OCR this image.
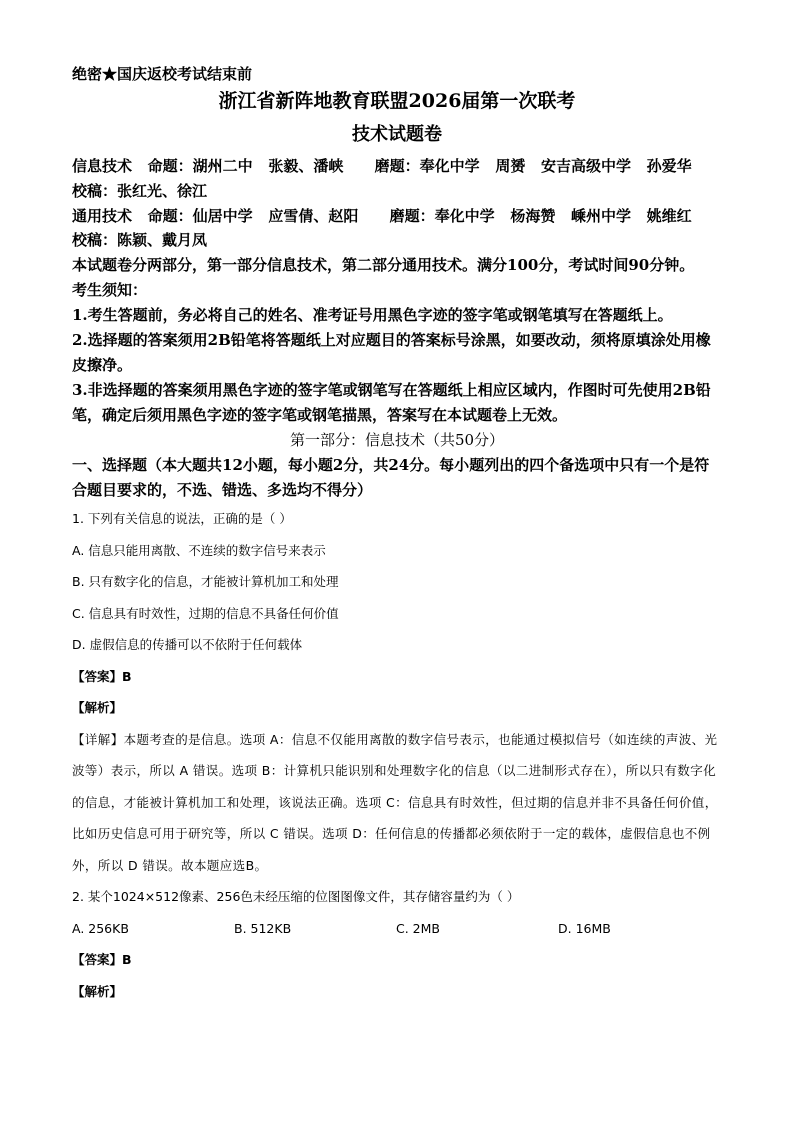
绝密★国庆返校考试结束前
浙江省新阵地教育联盟2026届第一次联考
技术试题卷
信息技术   命题：湖州二中   张毅、潘峡      磨题：奉化中学   周赟   安吉高级中学   孙爱华
校稿：张红光、徐江
通用技术   命题：仙居中学   应雪倩、赵阳      磨题：奉化中学   杨海赞   嵊州中学   姚维红
校稿：陈颖、戴月凤
本试题卷分两部分，第一部分信息技术，第二部分通用技术。满分100分，考试时间90分钟。
考生须知：
1.考生答题前，务必将自己的姓名、准考证号用黑色字迹的签字笔或钢笔填写在答题纸上。
2.选择题的答案须用2B铅笔将答题纸上对应题目的答案标号涂黑，如要改动，须将原填涂处用橡皮擦净。
3.非选择题的答案须用黑色字迹的签字笔或钢笔写在答题纸上相应区域内，作图时可先使用2B铅笔，确定后须用黑色字迹的签字笔或钢笔描黑，答案写在本试题卷上无效。
第一部分：信息技术（共50分）
一、选择题（本大题共12小题，每小题2分，共24分。每小题列出的四个备选项中只有一个是符合题目要求的，不选、错选、多选均不得分）
1. 下列有关信息的说法，正确的是（ ）
A. 信息只能用离散、不连续的数字信号来表示
B. 只有数字化的信息，才能被计算机加工和处理
C. 信息具有时效性，过期的信息不具备任何价值
D. 虚假信息的传播可以不依附于任何载体
【答案】B
【解析】
【详解】本题考查的是信息。选项 A：信息不仅能用离散的数字信号表示，也能通过模拟信号（如连续的声波、光波等）表示，所以 A 错误。选项 B：计算机只能识别和处理数字化的信息（以二进制形式存在），所以只有数字化的信息，才能被计算机加工和处理，该说法正确。选项 C：信息具有时效性，但过期的信息并非不具备任何价值，比如历史信息可用于研究等，所以 C 错误。选项 D：任何信息的传播都必须依附于一定的载体，虚假信息也不例外，所以 D 错误。故本题应选B。
2. 某个1024×512像素、256色未经压缩的位图图像文件，其存储容量约为（ ）
A. 256KB	B. 512KB	C. 2MB	D. 16MB
【答案】B
【解析】
